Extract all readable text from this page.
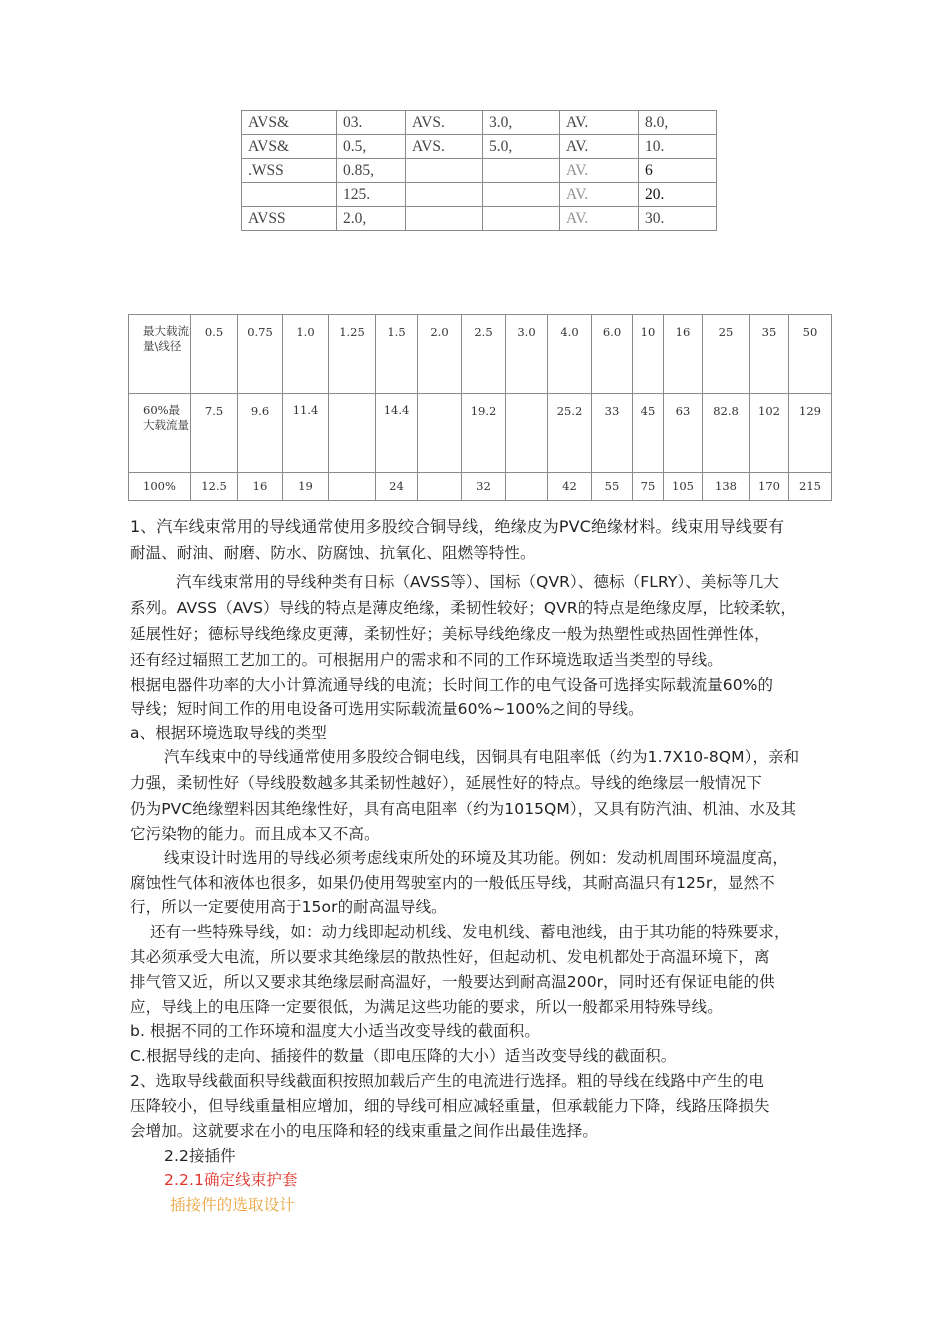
AVS&	03.	AVS.	3.0,	AV.	8.0,
AVS&	0.5,	AVS.	5.0,	AV.	10.
.WSS	0.85,			AV.	6
	125.			AV.	20.
AVSS	2.0,			AV.	30.
最大载流量\线径	0.5	0.75	1.0	1.25	1.5	2.0	2.5	3.0	4.0	6.0	10	16	25	35	50
60%最大载流量	7.5	9.6	11.4		14.4		19.2		25.2	33	45	63	82.8	102	129
100%	12.5	16	19		24		32		42	55	75	105	138	170	215
1、汽车线束常用的导线通常使用多股绞合铜导线，绝缘皮为PVC绝缘材料。线束用导线要有
耐温、耐油、耐磨、防水、防腐蚀、抗氧化、阻燃等特性。
汽车线束常用的导线种类有日标（AVSS等）、国标（QVR）、德标（FLRY）、美标等几大
系列。AVSS（AVS）导线的特点是薄皮绝缘，柔韧性较好；QVR的特点是绝缘皮厚，比较柔软，
延展性好；德标导线绝缘皮更薄，柔韧性好；美标导线绝缘皮一般为热塑性或热固性弹性体，
还有经过辐照工艺加工的。可根据用户的需求和不同的工作环境选取适当类型的导线。
根据电器件功率的大小计算流通导线的电流；长时间工作的电气设备可选择实际载流量60%的
导线；短时间工作的用电设备可选用实际载流量60%~100%之间的导线。
a、根据环境选取导线的类型
汽车线束中的导线通常使用多股绞合铜电线，因铜具有电阻率低（约为1.7X10-8QM），亲和
力强，柔韧性好（导线股数越多其柔韧性越好），延展性好的特点。导线的绝缘层一般情况下
仍为PVC绝缘塑料因其绝缘性好，具有高电阻率（约为1015QM），又具有防汽油、机油、水及其
它污染物的能力。而且成本又不高。
线束设计时选用的导线必须考虑线束所处的环境及其功能。例如：发动机周围环境温度高，
腐蚀性气体和液体也很多，如果仍使用驾驶室内的一般低压导线，其耐高温只有125r，显然不
行，所以一定要使用高于15or的耐高温导线。
还有一些特殊导线，如：动力线即起动机线、发电机线、蓄电池线，由于其功能的特殊要求，
其必须承受大电流，所以要求其绝缘层的散热性好，但起动机、发电机都处于高温环境下，离
排气管又近，所以又要求其绝缘层耐高温好，一般要达到耐高温200r，同时还有保证电能的供
应，导线上的电压降一定要很低，为满足这些功能的要求，所以一般都采用特殊导线。
b. 根据不同的工作环境和温度大小适当改变导线的截面积。
C.根据导线的走向、插接件的数量（即电压降的大小）适当改变导线的截面积。
2、选取导线截面积导线截面积按照加载后产生的电流进行选择。粗的导线在线路中产生的电
压降较小，但导线重量相应增加，细的导线可相应减轻重量，但承载能力下降，线路压降损失
会增加。这就要求在小的电压降和轻的线束重量之间作出最佳选择。
2.2接插件
2.2.1确定线束护套
插接件的选取设计
